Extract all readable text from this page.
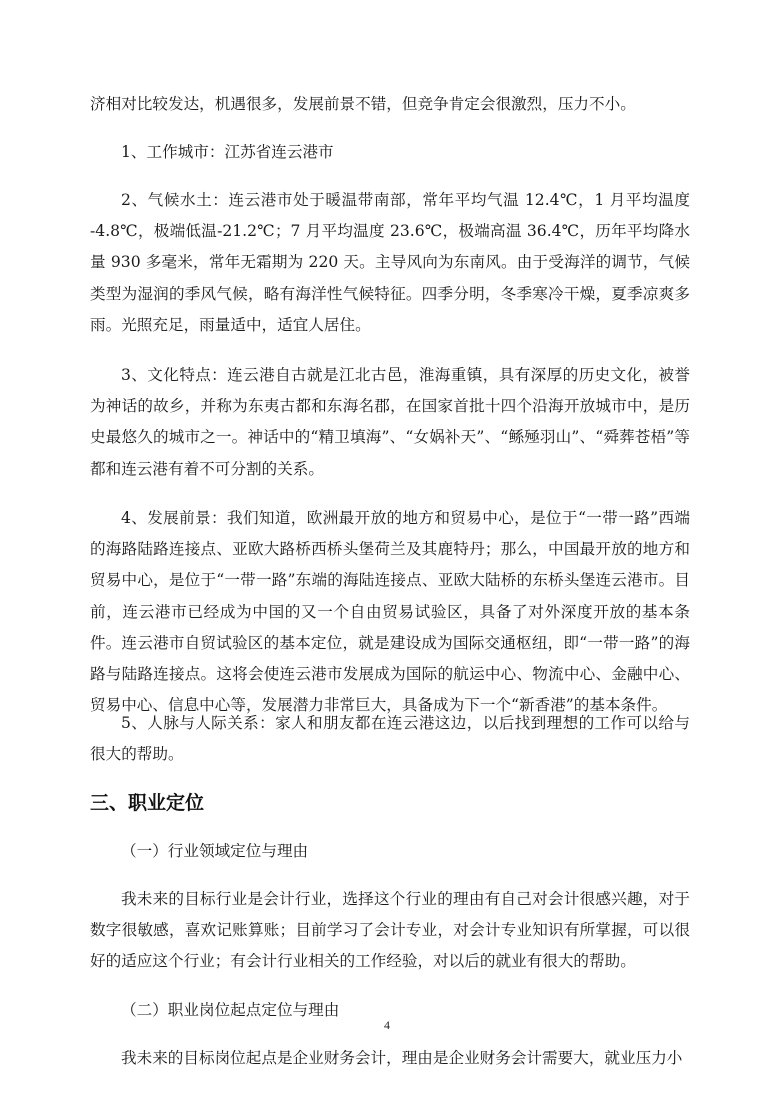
济相对比较发达，机遇很多，发展前景不错，但竞争肯定会很激烈，压力不小。

1、工作城市：江苏省连云港市

2、气候水土：连云港市处于暖温带南部，常年平均气温 12.4℃，1 月平均温度 -4.8℃，极端低温-21.2℃；7 月平均温度 23.6℃，极端高温 36.4℃，历年平均降水量 930 多毫米，常年无霜期为 220 天。主导风向为东南风。由于受海洋的调节，气候类型为湿润的季风气候，略有海洋性气候特征。四季分明，冬季寒冷干燥，夏季凉爽多雨。光照充足，雨量适中，适宜人居住。

3、文化特点：连云港自古就是江北古邑，淮海重镇，具有深厚的历史文化，被誉为神话的故乡，并称为东夷古都和东海名郡，在国家首批十四个沿海开放城市中，是历史最悠久的城市之一。神话中的“精卫填海”、“女娲补天”、“鲧殛羽山”、“舜葬苍梧”等都和连云港有着不可分割的关系。

4、发展前景：我们知道，欧洲最开放的地方和贸易中心，是位于“一带一路”西端的海路陆路连接点、亚欧大路桥西桥头堡荷兰及其鹿特丹；那么，中国最开放的地方和贸易中心，是位于“一带一路”东端的海陆连接点、亚欧大陆桥的东桥头堡连云港市。目前，连云港市已经成为中国的又一个自由贸易试验区，具备了对外深度开放的基本条件。连云港市自贸试验区的基本定位，就是建设成为国际交通枢纽，即“一带一路”的海路与陆路连接点。这将会使连云港市发展成为国际的航运中心、物流中心、金融中心、贸易中心、信息中心等，发展潜力非常巨大，具备成为下一个“新香港”的基本条件。

5、人脉与人际关系：家人和朋友都在连云港这边，以后找到理想的工作可以给与很大的帮助。

三、职业定位

（一）行业领域定位与理由

我未来的目标行业是会计行业，选择这个行业的理由有自己对会计很感兴趣，对于数字很敏感，喜欢记账算账；目前学习了会计专业，对会计专业知识有所掌握，可以很好的适应这个行业；有会计行业相关的工作经验，对以后的就业有很大的帮助。

（二）职业岗位起点定位与理由

我未来的目标岗位起点是企业财务会计，理由是企业财务会计需要大，就业压力小

4
